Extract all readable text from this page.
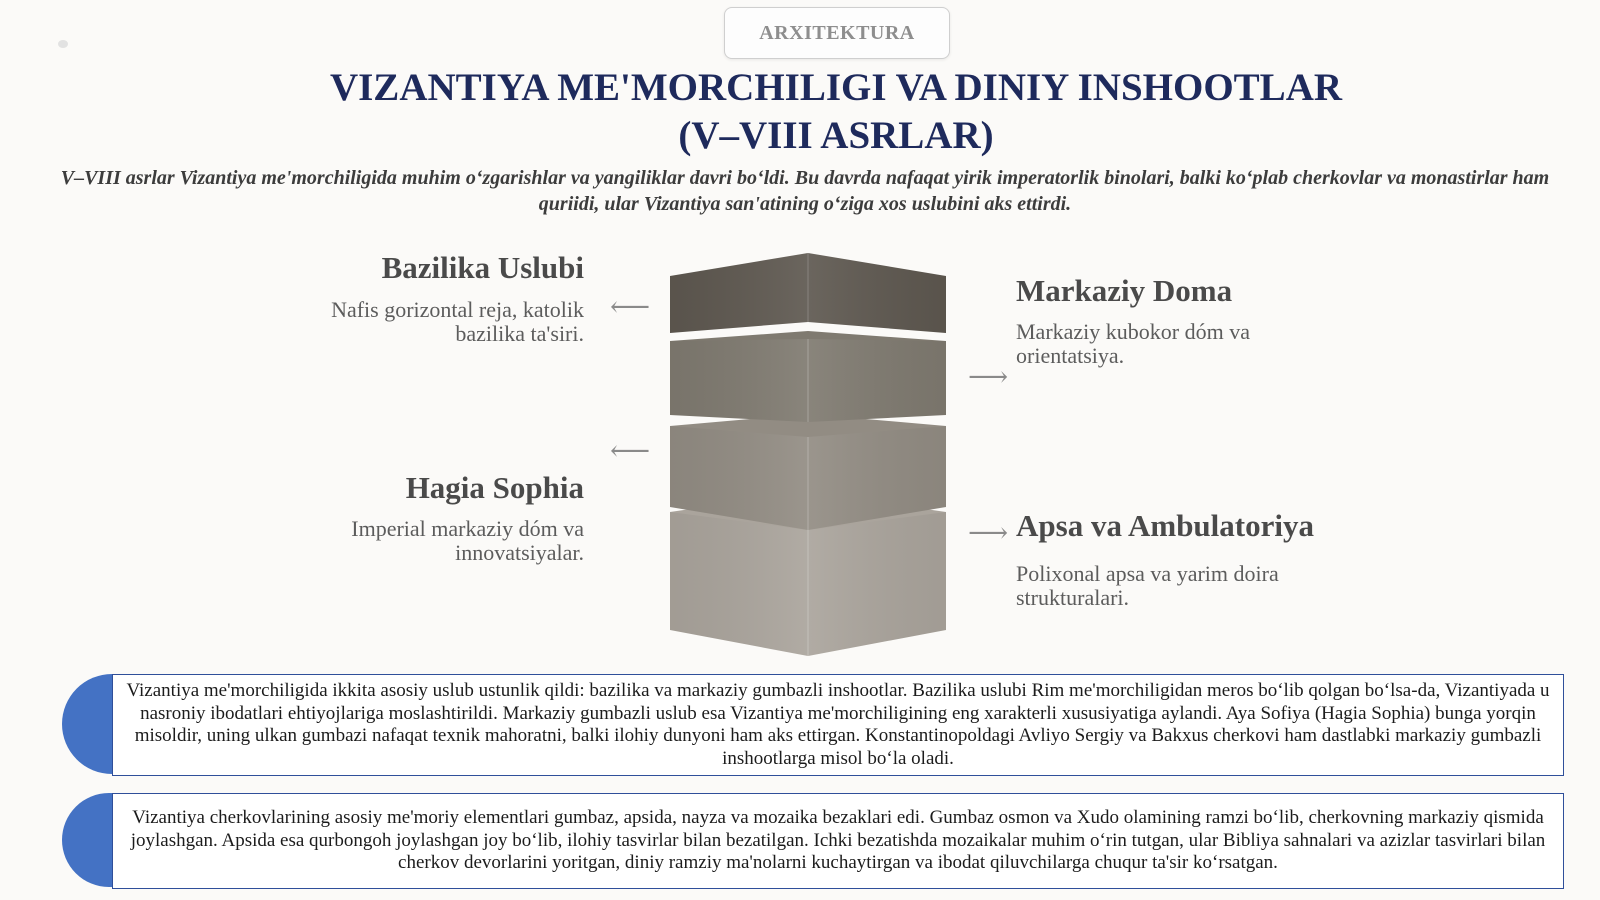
ARXITEKTURA
VIZANTIYA ME'MORCHILIGI VA DINIY INSHOOTLAR
(V–VIII ASRLAR)
V–VIII asrlar Vizantiya me'morchiligida muhim oʻzgarishlar va yangiliklar davri boʻldi. Bu davrda nafaqat yirik imperatorlik binolari, balki koʻplab cherkovlar va monastirlar ham quriidi, ular Vizantiya san'atining oʻziga xos uslubini aks ettirdi.
Bazilika Uslubi
Nafis gorizontal reja, katolik bazilika ta'siri.
⟵
⟵
Hagia Sophia
Imperial markaziy dóm va innovatsiyalar.
Markaziy Doma
Markaziy kubokor dóm va orientatsiya.
⟶
⟶ Apsa va Ambulatoriya
Polixonal apsa va yarim doira strukturalari.
Vizantiya me'morchiligida ikkita asosiy uslub ustunlik qildi: bazilika va markaziy gumbazli inshootlar. Bazilika uslubi Rim me'morchiligidan meros boʻlib qolgan boʻlsa-da, Vizantiyada u nasroniy ibodatlari ehtiyojlariga moslashtirildi. Markaziy gumbazli uslub esa Vizantiya me'morchiligining eng xarakterli xususiyatiga aylandi. Aya Sofiya (Hagia Sophia) bunga yorqin misoldir, uning ulkan gumbazi nafaqat texnik mahoratni, balki ilohiy dunyoni ham aks ettirgan. Konstantinopoldagi Avliyo Sergiy va Bakxus cherkovi ham dastlabki markaziy gumbazli inshootlarga misol boʻla oladi.
Vizantiya cherkovlarining asosiy me'moriy elementlari gumbaz, apsida, nayza va mozaika bezaklari edi. Gumbaz osmon va Xudo olamining ramzi boʻlib, cherkovning markaziy qismida joylashgan. Apsida esa qurbongoh joylashgan joy boʻlib, ilohiy tasvirlar bilan bezatilgan. Ichki bezatishda mozaikalar muhim oʻrin tutgan, ular Bibliya sahnalari va azizlar tasvirlari bilan cherkov devorlarini yoritgan, diniy ramziy ma'nolarni kuchaytirgan va ibodat qiluvchilarga chuqur ta'sir koʻrsatgan.
